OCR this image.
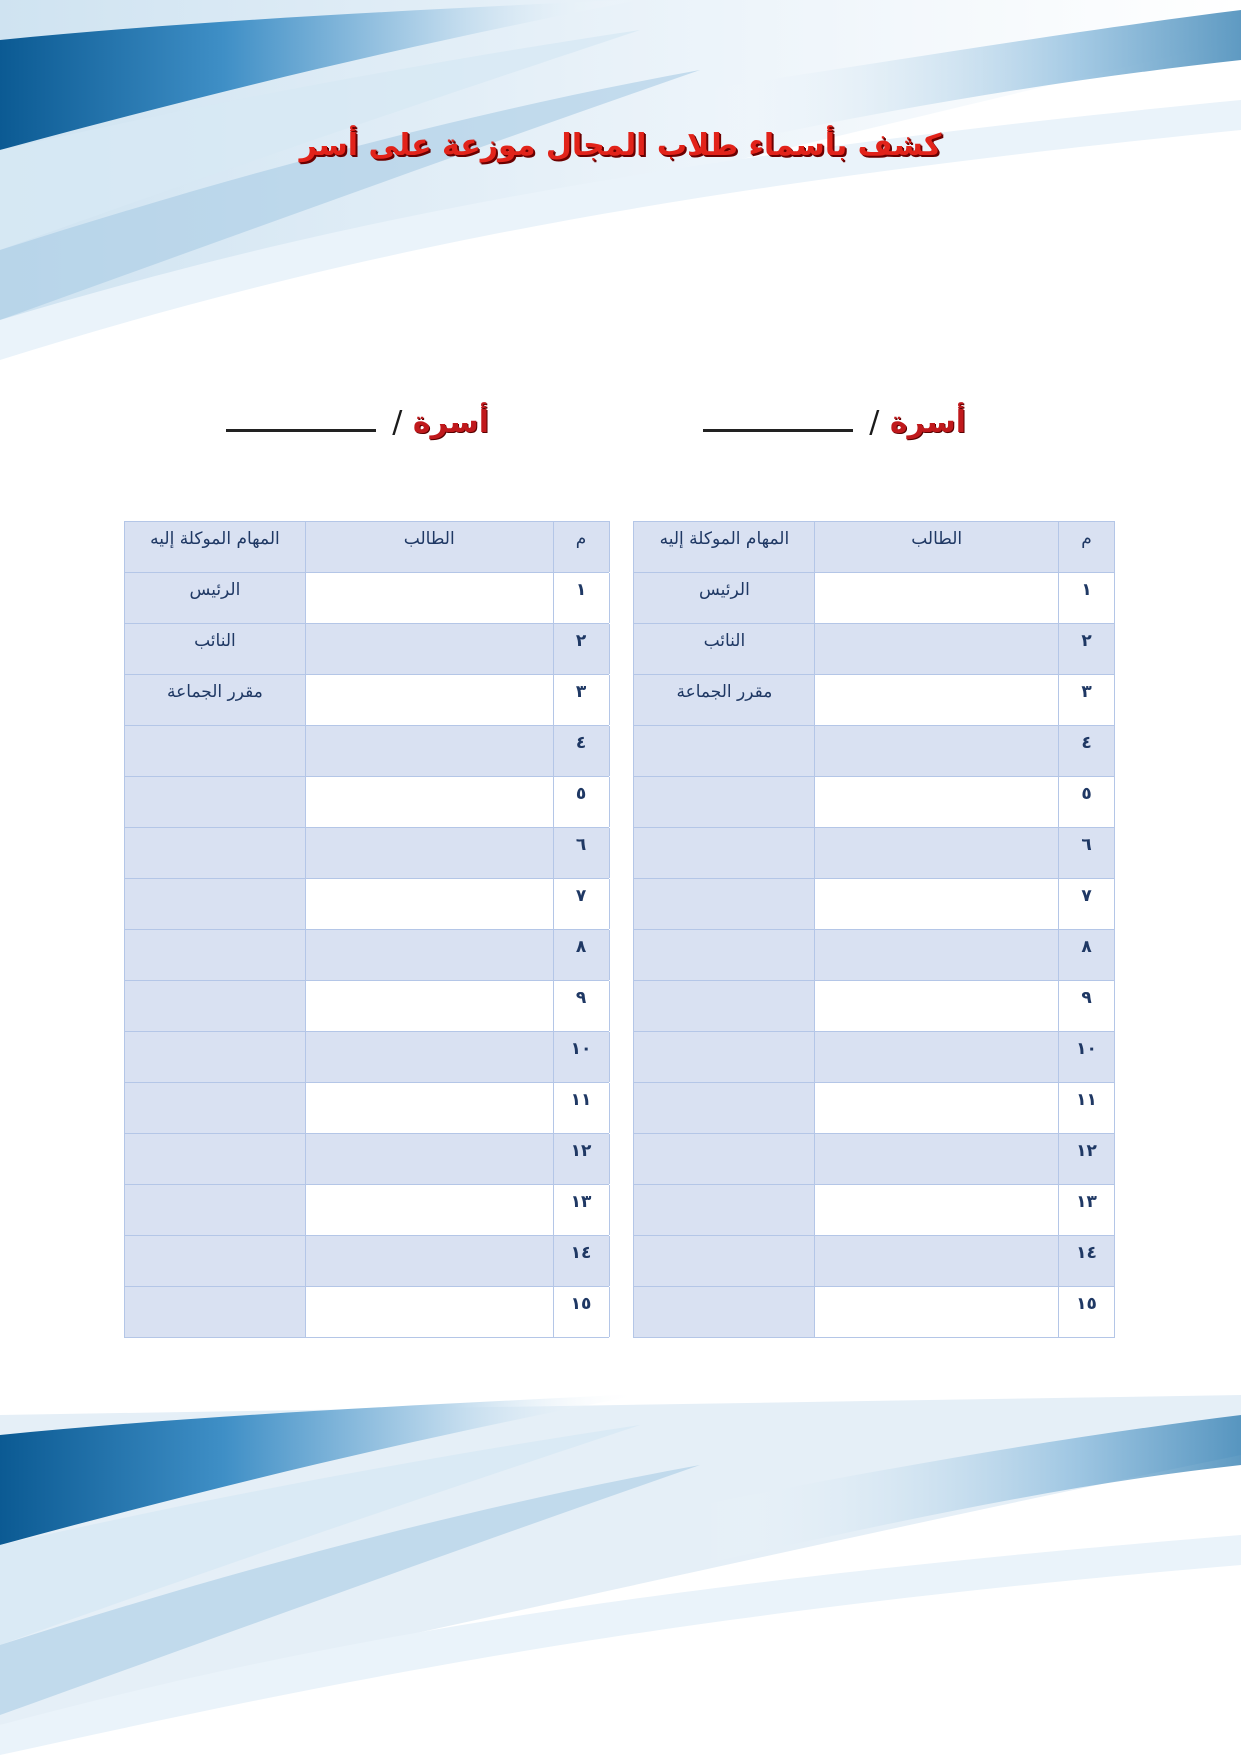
كشف بأسماء طلاب المجال موزعة على أسر
أسرة /
أسرة /
م	الطالب	المهام الموكلة إليه		م	الطالب	المهام الموكلة إليه

١		الرئيس		١		الرئيس

٢		النائب		٢		النائب

٣		مقرر الجماعة		٣		مقرر الجماعة

٤				٤		

٥				٥		

٦				٦		

٧				٧		

٨				٨		

٩				٩		

١٠				١٠		

١١				١١		

١٢				١٢		

١٣				١٣		

١٤				١٤		

١٥				١٥		
